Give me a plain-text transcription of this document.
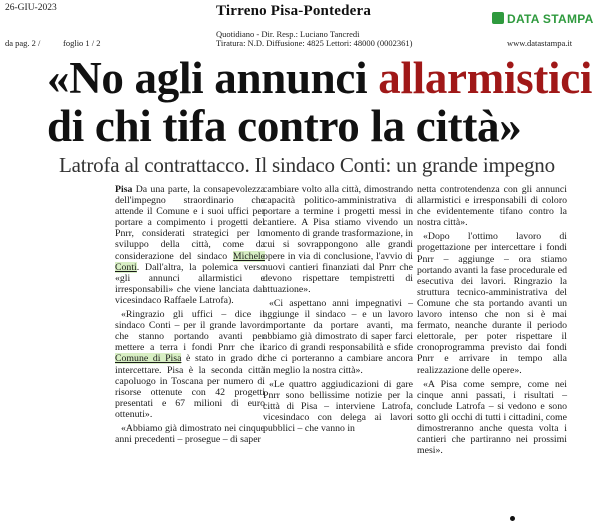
26-GIU-2023
da pag. 2 /	foglio 1 / 2
Tirreno Pisa-Pontedera
Quotidiano - Dir. Resp.: Luciano Tancredi
Tiratura: N.D. Diffusione: 4825 Lettori: 48000 (0002361)
DATA STAMPA
www.datastampa.it
«No agli annunci allarmistici
di chi tifa contro la città»
Latrofa al contrattacco. Il sindaco Conti: un grande impegno

Pisa Da una parte, la consapevolezza dell'impegno straordinario che attende il Comune e i suoi uffici per portare a compimento i progetti del Pnrr, considerati strategici per lo sviluppo della città, come da considerazione del sindaco Michele Conti. Dall'altra, la polemica verso «gli annunci allarmistici e irresponsabili» che viene lanciata dal vicesindaco Raffaele Latrofa).

«Ringrazio gli uffici – dice il sindaco Conti – per il grande lavoro che stanno portando avanti per mettere a terra i fondi Pnrr che il Comune di Pisa è stato in grado di intercettare. Pisa è la seconda città capoluogo in Toscana per numero di risorse ottenute con 42 progetti presentati e 67 milioni di euro ottenuti».

«Abbiamo già dimostrato nei cinque anni precedenti – prosegue – di saper

cambiare volto alla città, dimostrando capacità politico-amministrativa di portare a termine i progetti messi in cantiere. A Pisa stiamo vivendo un momento di grande trasformazione, in cui si sovrappongono alle grandi opere in via di conclusione, l'avvio di nuovi cantieri finanziati dal Pnrr che devono rispettare tempistretti di attuazione».

«Ci aspettano anni impegnativi – aggiunge il sindaco – e un lavoro importante da portare avanti, ma abbiamo già dimostrato di saper farci carico di grandi responsabilità e sfide che ci porteranno a cambiare ancora in meglio la nostra città».

«Le quattro aggiudicazioni di gare Pnrr sono bellissime notizie per la città di Pisa – interviene Latrofa, vicesindaco con delega ai lavori pubblici – che vanno in

netta controtendenza con gli annunci allarmistici e irresponsabili di coloro che evidentemente tifano contro la nostra città».

«Dopo l'ottimo lavoro di progettazione per intercettare i fondi Pnrr – aggiunge – ora stiamo portando avanti la fase procedurale ed esecutiva dei lavori. Ringrazio la struttura tecnico-amministrativa del Comune che sta portando avanti un lavoro intenso che non si è mai fermato, neanche durante il periodo elettorale, per poter rispettare il cronoprogramma previsto dai fondi Pnrr e arrivare in tempo alla realizzazione delle opere».

«A Pisa come sempre, come nei cinque anni passati, i risultati – conclude Latrofa – si vedono e sono sotto gli occhi di tutti i cittadini, come dimostreranno anche questa volta i cantieri che partiranno nei prossimi mesi».
